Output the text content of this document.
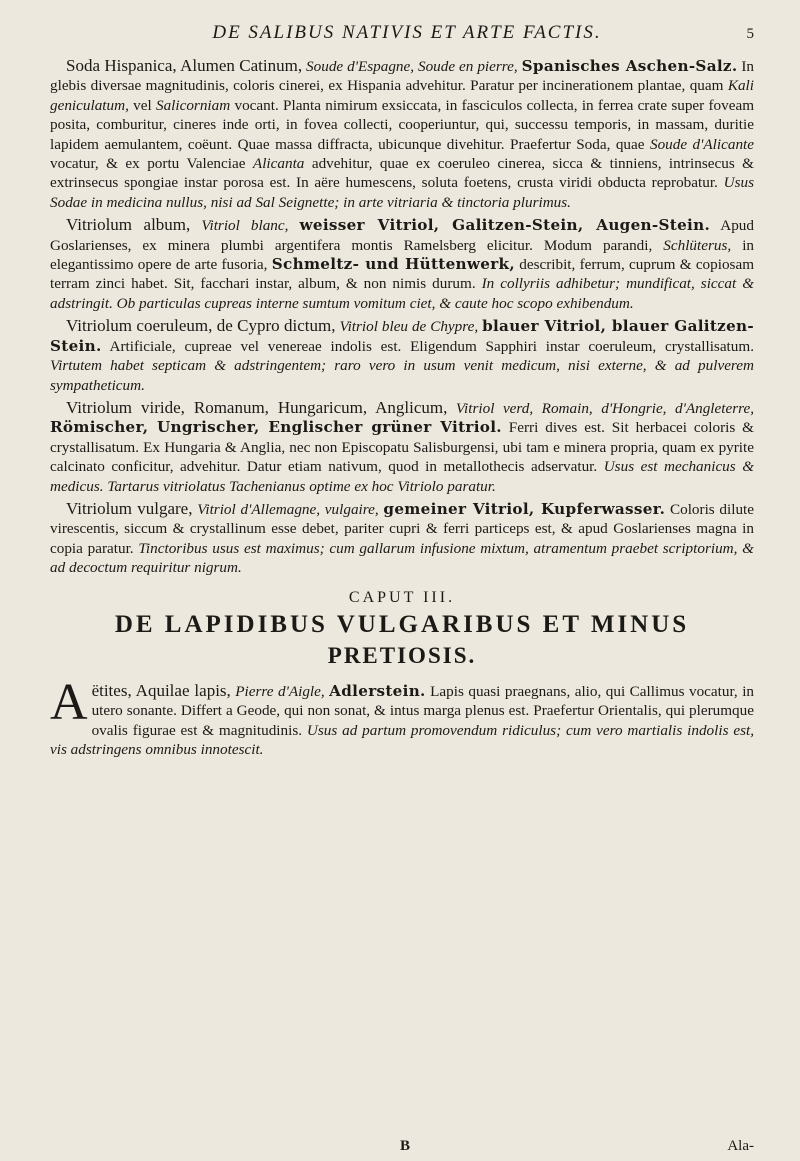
DE SALIBUS NATIVIS ET ARTE FACTIS.	5

Soda Hispanica, Alumen Catinum, Soude d'Espagne, Soude en pierre, Spanisches Aschen-Salz. In glebis diversae magnitudinis, coloris cinerei, ex Hispania advehitur. Paratur per incinerationem plantae, quam Kali geniculatum, vel Salicorniam vocant. Planta nimirum exsiccata, in fasciculos collecta, in ferrea crate super foveam posita, comburitur, cineres inde orti, in fovea collecti, cooperiuntur, qui, successu temporis, in massam, duritie lapidem aemulantem, coëunt. Quae massa diffracta, ubicunque divehitur. Praefertur Soda, quae Soude d'Alicante vocatur, & ex portu Valenciae Alicanta advehitur, quae ex coeruleo cinerea, sicca & tinniens, intrinsecus & extrinsecus spongiae instar porosa est. In aëre humescens, soluta foetens, crusta viridi obducta reprobatur. Usus Sodae in medicina nullus, nisi ad Sal Seignette; in arte vitriaria & tinctoria plurimus.

Vitriolum album, Vitriol blanc, weisser Vitriol, Galitzen-Stein, Augen-Stein. Apud Goslarienses, ex minera plumbi argentifera montis Ramelsberg elicitur. Modum parandi, Schlüterus, in elegantissimo opere de arte fusoria, Schmeltz- und Hüttenwerk, describit, ferrum, cuprum & copiosam terram zinci habet. Sit, facchari instar, album, & non nimis durum. In collyriis adhibetur; mundificat, siccat & adstringit. Ob particulas cupreas interne sumtum vomitum ciet, & caute hoc scopo exhibendum.

Vitriolum coeruleum, de Cypro dictum, Vitriol bleu de Chypre, blauer Vitriol, blauer Galitzen-Stein. Artificiale, cupreae vel venereae indolis est. Eligendum Sapphiri instar coeruleum, crystallisatum. Virtutem habet septicam & adstringentem; raro vero in usum venit medicum, nisi externe, & ad pulverem sympatheticum.

Vitriolum viride, Romanum, Hungaricum, Anglicum, Vitriol verd, Romain, d'Hongrie, d'Angleterre, Römischer, Ungrischer, Englischer grüner Vitriol. Ferri dives est. Sit herbacei coloris & crystallisatum. Ex Hungaria & Anglia, nec non Episcopatu Salisburgensi, ubi tam e minera propria, quam ex pyrite calcinato conficitur, advehitur. Datur etiam nativum, quod in metallothecis adservatur. Usus est mechanicus & medicus. Tartarus vitriolatus Tachenianus optime ex hoc Vitriolo paratur.

Vitriolum vulgare, Vitriol d'Allemagne, vulgaire, gemeiner Vitriol, Kupferwasser. Coloris dilute virescentis, siccum & crystallinum esse debet, pariter cupri & ferri particeps est, & apud Goslarienses magna in copia paratur. Tinctoribus usus est maximus; cum gallarum infusione mixtum, atramentum praebet scriptorium, & ad decoctum requiritur nigrum.

CAPUT III.
DE LAPIDIBUS VULGARIBUS ET MINUS
PRETIOSIS.

Aëtites, Aquilae lapis, Pierre d'Aigle, Adlerstein. Lapis quasi praegnans, alio, qui Callimus vocatur, in utero sonante. Differt a Geode, qui non sonat, & intus marga plenus est. Praefertur Orientalis, qui plerumque ovalis figurae est & magnitudinis. Usus ad partum promovendum ridiculus; cum vero martialis indolis est, vis adstringens omnibus innotescit.

B	Ala-
